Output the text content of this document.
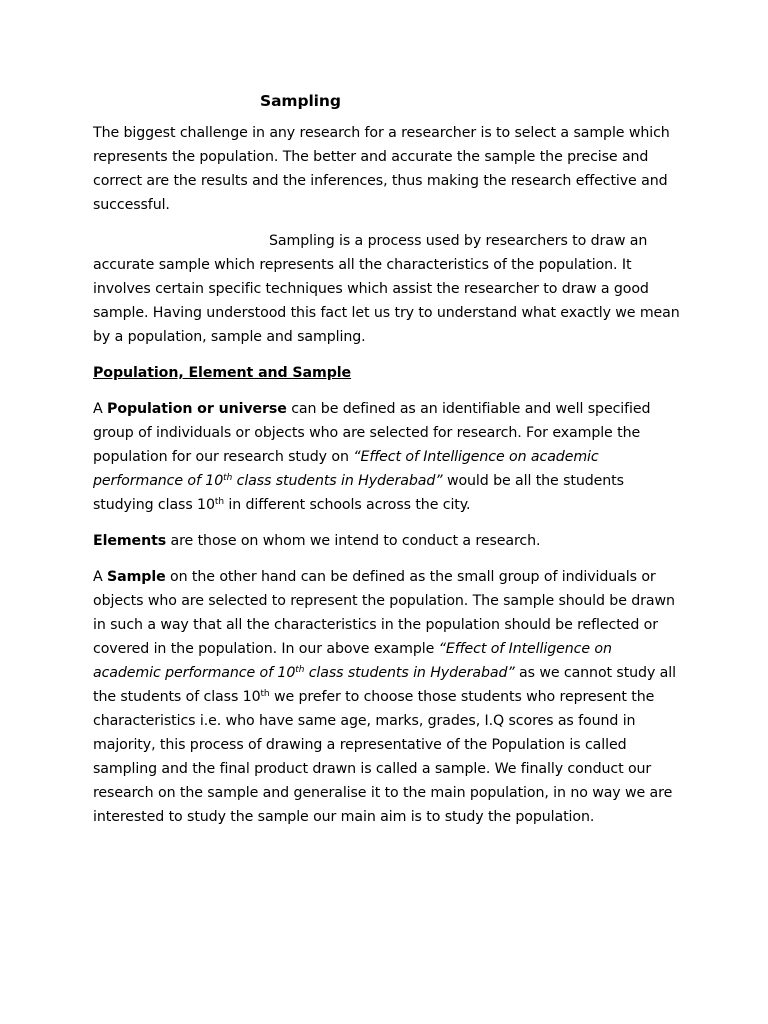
Sampling

The biggest challenge in any research for a researcher is to select a sample which represents the population. The better and accurate the sample the precise and correct are the results and the inferences, thus making the research effective and successful.

Sampling is a process used by researchers to draw an accurate sample which represents all the characteristics of the population. It involves certain specific techniques which assist the researcher to draw a good sample. Having understood this fact let us try to understand what exactly we mean by a population, sample and sampling.

Population, Element and Sample

A Population or universe can be defined as an identifiable and well specified group of individuals or objects who are selected for research. For example the population for our research study on “Effect of Intelligence on academic performance of 10th class students in Hyderabad” would be all the students studying class 10th in different schools across the city.

Elements are those on whom we intend to conduct a research.

A Sample on the other hand can be defined as the small group of individuals or objects who are selected to represent the population. The sample should be drawn in such a way that all the characteristics in the population should be reflected or covered in the population. In our above example “Effect of Intelligence on academic performance of 10th class students in Hyderabad” as we cannot study all the students of class 10th we prefer to choose those students who represent the characteristics i.e. who have same age, marks, grades, I.Q scores as found in majority, this process of drawing a representative of the Population is called sampling and the final product drawn is called a sample. We finally conduct our research on the sample and generalise it to the main population, in no way we are interested to study the sample our main aim is to study the population.
